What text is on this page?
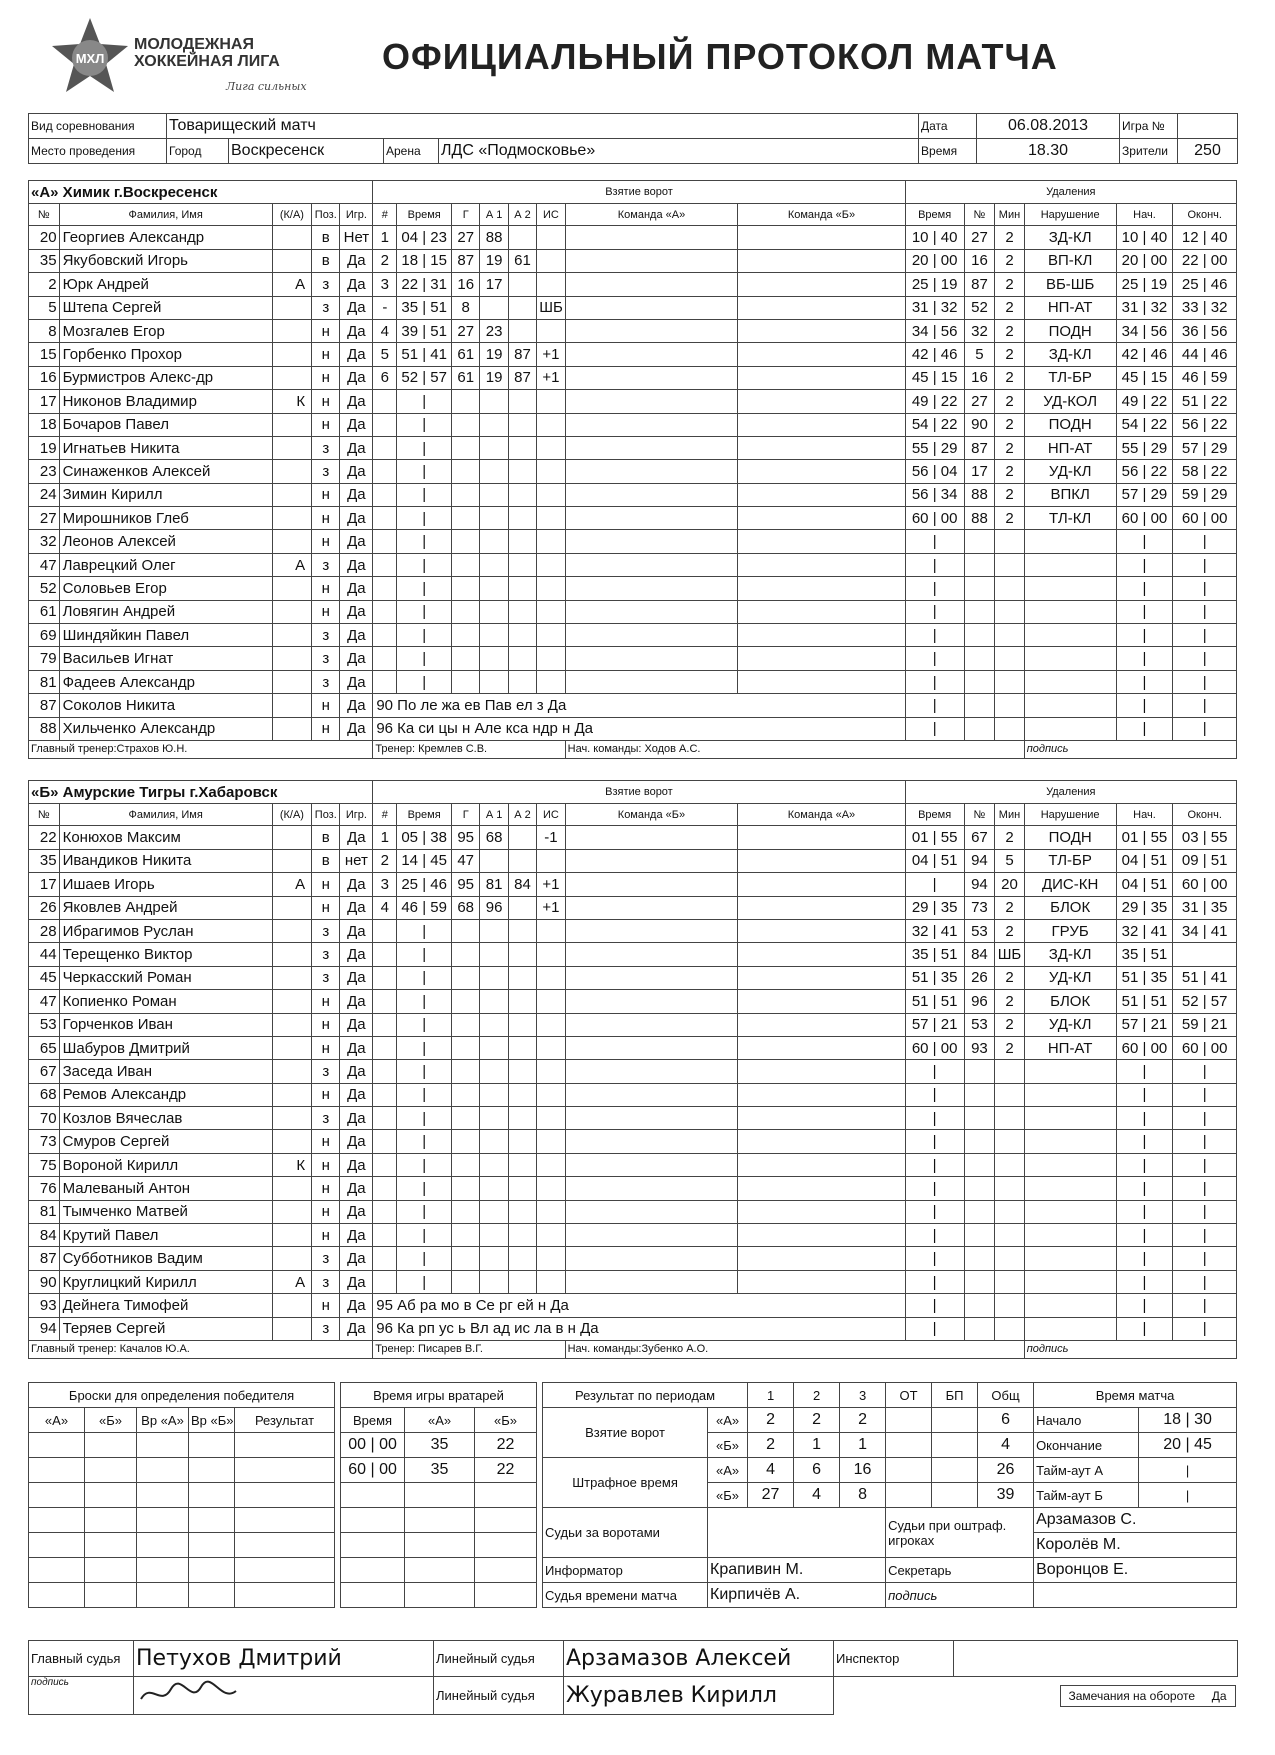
МХЛ
МОЛОДЕЖНАЯ
ХОККЕЙНАЯ ЛИГА
Лига сильных
ОФИЦИАЛЬНЫЙ ПРОТОКОЛ МАТЧА
Вид соревнования	Товарищеский матч				Дата	06.08.2013	Игра №	
Место проведения	Город	Воскресенск	Арена	ЛДС «Подмосковье»	Время	18.30	Зрители	250
«А» Химик г.Воскресенск					Взятие ворот								Удаления					
№	Фамилия, Имя	(К/А)	Поз.	Игр.	#	Время	Г	А 1	А 2	ИС	Команда «А»	Команда «Б»	Время	№	Мин	Нарушение	Нач.	Оконч.
20	Георгиев Александр		в	Нет	1	04 | 23	27	88					10 | 40	27	2	ЗД-КЛ	10 | 40	12 | 40
35	Якубовский Игорь		в	Да	2	18 | 15	87	19	61				20 | 00	16	2	ВП-КЛ	20 | 00	22 | 00
2	Юрк Андрей	А	з	Да	3	22 | 31	16	17					25 | 19	87	2	ВБ-ШБ	25 | 19	25 | 46
5	Штепа Сергей		з	Да	-	35 | 51	8			ШБ			31 | 32	52	2	НП-АТ	31 | 32	33 | 32
8	Мозгалев Егор		н	Да	4	39 | 51	27	23					34 | 56	32	2	ПОДН	34 | 56	36 | 56
15	Горбенко Прохор		н	Да	5	51 | 41	61	19	87	+1			42 | 46	5	2	ЗД-КЛ	42 | 46	44 | 46
16	Бурмистров Алекс-др		н	Да	6	52 | 57	61	19	87	+1			45 | 15	16	2	ТЛ-БР	45 | 15	46 | 59
17	Никонов Владимир	К	н	Да		|							49 | 22	27	2	УД-КОЛ	49 | 22	51 | 22
18	Бочаров Павел		н	Да		|							54 | 22	90	2	ПОДН	54 | 22	56 | 22
19	Игнатьев Никита		з	Да		|							55 | 29	87	2	НП-АТ	55 | 29	57 | 29
23	Синаженков Алексей		з	Да		|							56 | 04	17	2	УД-КЛ	56 | 22	58 | 22
24	Зимин Кирилл		н	Да		|							56 | 34	88	2	ВПКЛ	57 | 29	59 | 29
27	Мирошников Глеб		н	Да		|							60 | 00	88	2	ТЛ-КЛ	60 | 00	60 | 00
32	Леонов Алексей		н	Да		|							|				|	|
47	Лаврецкий Олег	А	з	Да		|							|				|	|
52	Соловьев Егор		н	Да		|							|				|	|
61	Ловягин Андрей		н	Да		|							|				|	|
69	Шиндяйкин Павел		з	Да		|							|				|	|
79	Васильев Игнат		з	Да		|							|				|	|
81	Фадеев Александр		з	Да		|							|				|	|
87	Соколов Никита		н	Да	90 По ле жа ев Пав ел з Да								|				|	|
88	Хильченко Александр		н	Да	96 Ка си цы н Але кса ндр н Да								|				|	|
Главный тренер:Страхов Ю.Н.					Тренер: Кремлев С.В.						Нач. команды: Ходов А.С.					подпись		
«Б» Амурские Тигры г.Хабаровск					Взятие ворот								Удаления					
№	Фамилия, Имя	(К/А)	Поз.	Игр.	#	Время	Г	А 1	А 2	ИС	Команда «Б»	Команда «А»	Время	№	Мин	Нарушение	Нач.	Оконч.
22	Конюхов Максим		в	Да	1	05 | 38	95	68		-1			01 | 55	67	2	ПОДН	01 | 55	03 | 55
35	Ивандиков Никита		в	нет	2	14 | 45	47						04 | 51	94	5	ТЛ-БР	04 | 51	09 | 51
17	Ишаев Игорь	А	н	Да	3	25 | 46	95	81	84	+1			|	94	20	ДИС-КН	04 | 51	60 | 00
26	Яковлев Андрей		н	Да	4	46 | 59	68	96		+1			29 | 35	73	2	БЛОК	29 | 35	31 | 35
28	Ибрагимов Руслан		з	Да		|							32 | 41	53	2	ГРУБ	32 | 41	34 | 41
44	Терещенко Виктор		з	Да		|							35 | 51	84	ШБ	ЗД-КЛ	35 | 51	
45	Черкасский Роман		з	Да		|							51 | 35	26	2	УД-КЛ	51 | 35	51 | 41
47	Копиенко Роман		н	Да		|							51 | 51	96	2	БЛОК	51 | 51	52 | 57
53	Горченков Иван		н	Да		|							57 | 21	53	2	УД-КЛ	57 | 21	59 | 21
65	Шабуров Дмитрий		н	Да		|							60 | 00	93	2	НП-АТ	60 | 00	60 | 00
67	Заседа Иван		з	Да		|							|				|	|
68	Ремов Александр		н	Да		|							|				|	|
70	Козлов Вячеслав		з	Да		|							|				|	|
73	Смуров Сергей		н	Да		|							|				|	|
75	Вороной Кирилл	К	н	Да		|							|				|	|
76	Малеваный Антон		н	Да		|							|				|	|
81	Тымченко Матвей		н	Да		|							|				|	|
84	Крутий Павел		н	Да		|							|				|	|
87	Субботников Вадим		з	Да		|							|				|	|
90	Круглицкий Кирилл	А	з	Да		|							|				|	|
93	Дейнега Тимофей		н	Да	95 Аб ра мо в Се рг ей н Да								|				|	|
94	Теряев Сергей		з	Да	96 Ка рп ус ь Вл ад ис ла в н Да								|				|	|
Главный тренер: Качалов Ю.А.					Тренер: Писарев В.Г.						Нач. команды:Зубенко А.О.					подпись		
Броски для определения победителя						Время игры вратарей				Результат по периодам		1	2	3	ОТ	БП	Общ	Время матча	
«А»	«Б»	Вр «А»	Вр «Б»	Результат		Время	«А»	«Б»		Взятие ворот	«А»	2	2	2			6	Начало	18 | 30
						00 | 00	35	22			«Б»	2	1	1			4	Окончание	20 | 45
						60 | 00	35	22		Штрафное время	«А»	4	6	16			26	Тайм-аут А	|
											«Б»	27	4	8			39	Тайм-аут Б	|
										Судьи за воротами					Судьи при оштраф. игроках			Арзамазов С.	
																		Королёв М.	
										Информатор	Крапивин М.				Секретарь			Воронцов Е.	
										Судья времени матча	Кирпичёв А.				подпись				
Главный судья	Петухов Дмитрий	Линейный судья	Арзамазов Алексей	Инспектор	
подпись		Линейный судья	Журавлев Кирилл	Замечания на обороте Да	
